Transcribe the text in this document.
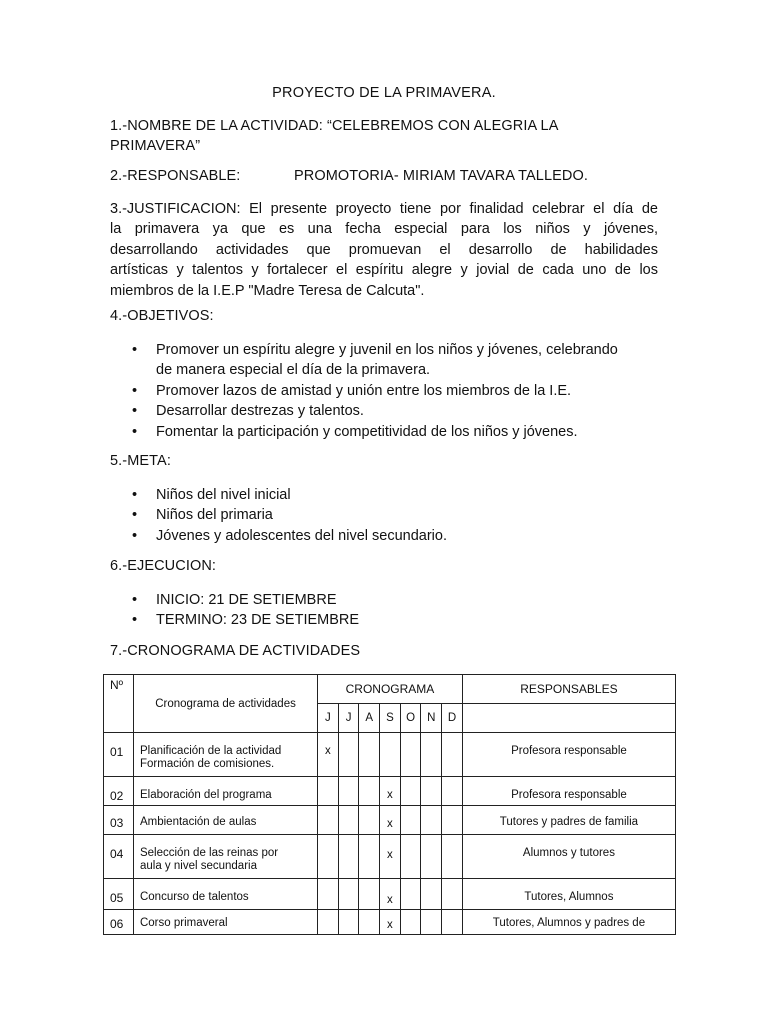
PROYECTO DE LA PRIMAVERA.
1.-NOMBRE DE LA ACTIVIDAD: “CELEBREMOS CON ALEGRIA LA
PRIMAVERA”
2.-RESPONSABLE:	PROMOTORIA- MIRIAM TAVARA TALLEDO.
3.-JUSTIFICACION: El presente proyecto tiene por finalidad celebrar el día de
la primavera ya que es una fecha especial para los niños y jóvenes,
desarrollando actividades que promuevan el desarrollo de habilidades
artísticas y talentos y fortalecer el espíritu alegre y jovial de cada uno de los
miembros de la I.E.P "Madre Teresa de Calcuta".
4.-OBJETIVOS:
• Promover un espíritu alegre y juvenil en los niños y jóvenes, celebrando
de manera especial el día de la primavera.
• Promover lazos de amistad y unión entre los miembros de la I.E.
• Desarrollar destrezas y talentos.
• Fomentar la participación y competitividad de los niños y jóvenes.
5.-META:
• Niños del nivel inicial
• Niños del primaria
• Jóvenes y adolescentes del nivel secundario.
6.-EJECUCION:
• INICIO: 21 DE SETIEMBRE
• TERMINO: 23 DE SETIEMBRE
7.-CRONOGRAMA DE ACTIVIDADES
Nº	Cronograma de actividades	CRONOGRAMA							RESPONSABLES
		J	J	A	S	O	N	D	
01	Planificación de la actividad
Formación de comisiones.	x							Profesora responsable
02	Elaboración del programa				x				Profesora responsable
03	Ambientación de aulas				x				Tutores y padres de familia
04	Selección de las reinas por
aula y nivel secundaria				x				Alumnos y tutores
05	Concurso de talentos				x				Tutores, Alumnos
06	Corso primaveral				x				Tutores, Alumnos y padres de
